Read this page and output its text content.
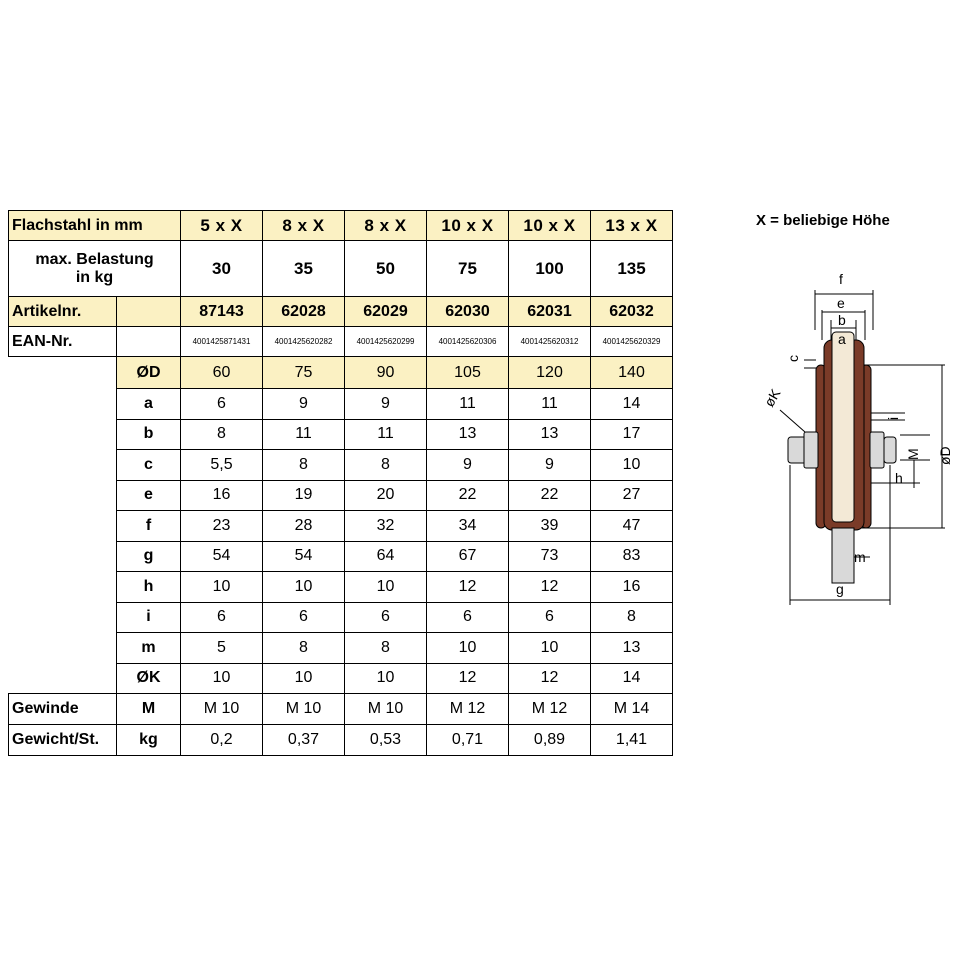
Flachstahl in mm		5 x X	8 x X	8 x X	10 x X	10 x X	13 x X

max. Belastung
in kg		30	35	50	75	100	135
Artikelnr.		87143	62028	62029	62030	62031	62032
EAN-Nr.		4001425871431	4001425620282	4001425620299	4001425620306	4001425620312	4001425620329
	ØD	60	75	90	105	120	140
	a	6	9	9	11	11	14
	b	8	11	11	13	13	17
	c	5,5	8	8	9	9	10
	e	16	19	20	22	22	27
	f	23	28	32	34	39	47
	g	54	54	64	67	73	83
	h	10	10	10	12	12	16
	i	6	6	6	6	6	8
	m	5	8	8	10	10	13
	ØK	10	10	10	12	12	14
Gewinde	M	M 10	M 10	M 10	M 12	M 12	M 14
Gewicht/St.	kg	0,2	0,37	0,53	0,71	0,89	1,41
X = beliebige Höhe
f
e
b
a
c
øK
i
M øD
h
m
g
